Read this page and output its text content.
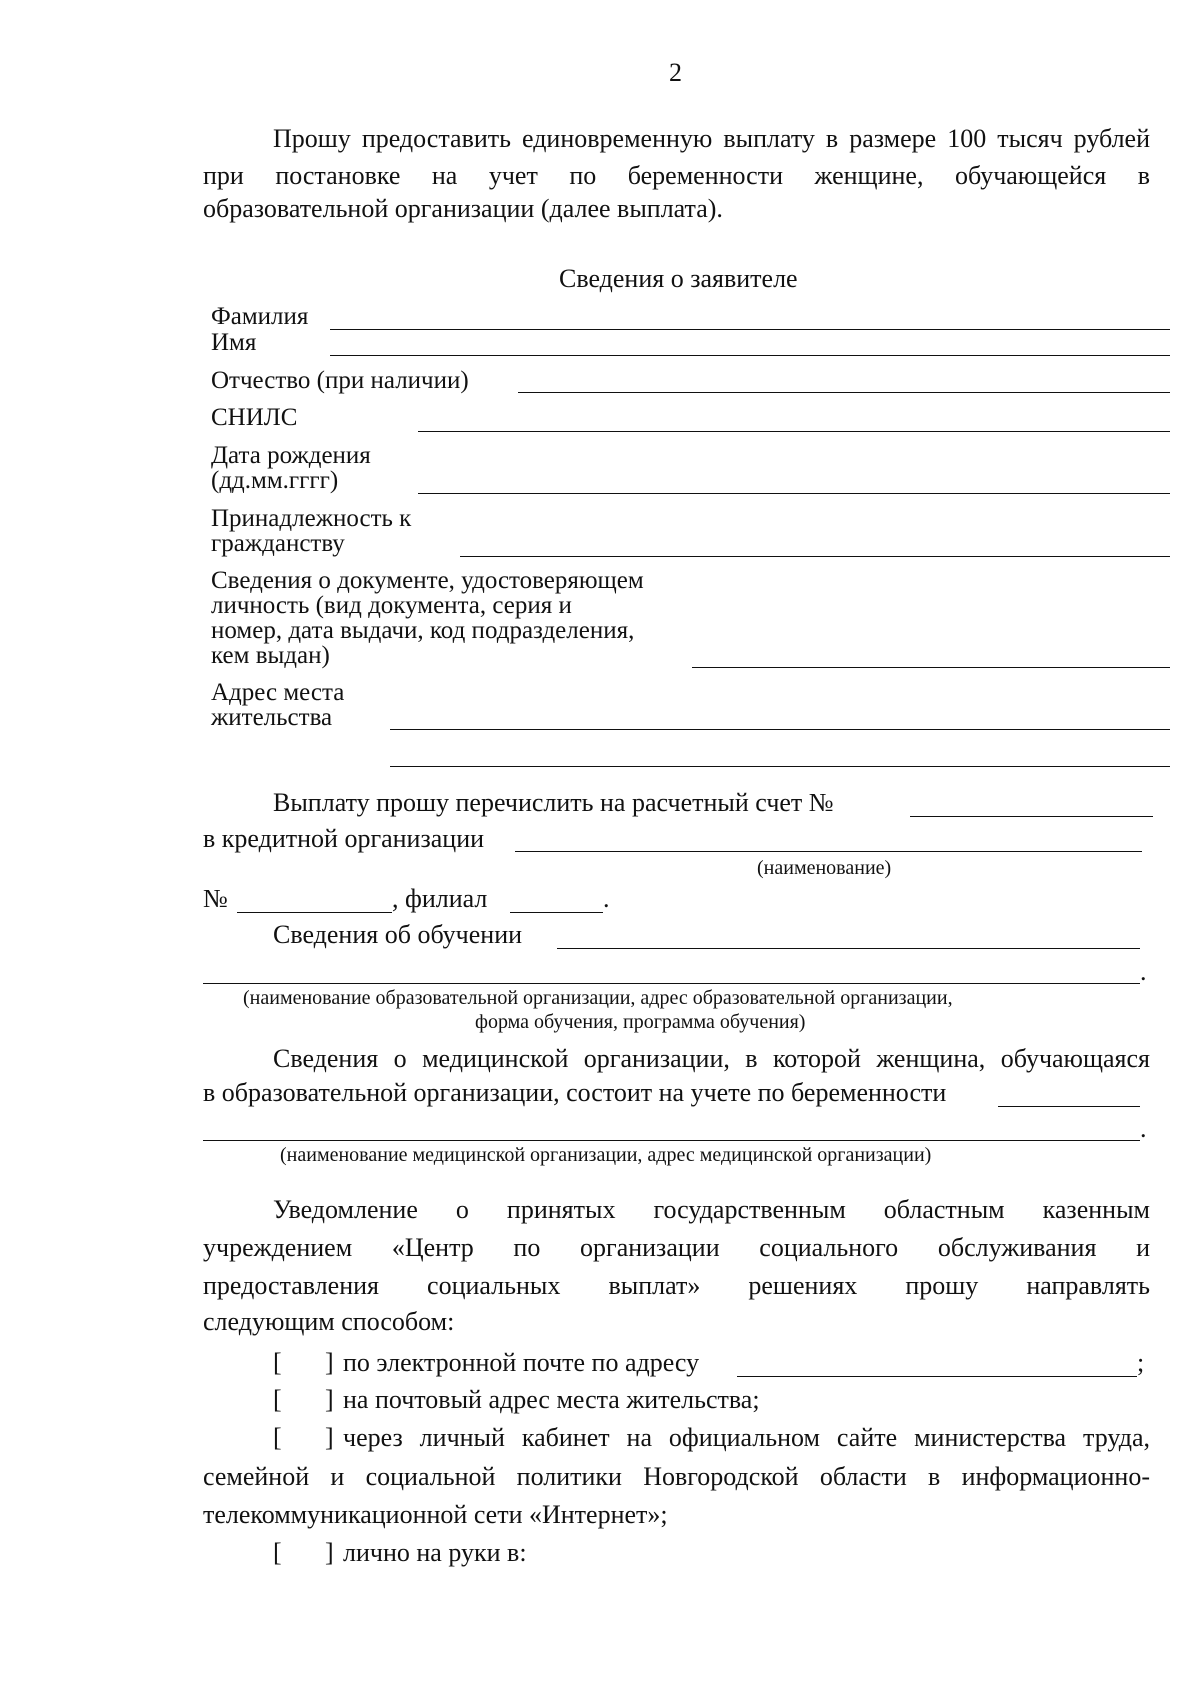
2
Прошу предоставить единовременную выплату в размере 100 тысяч рублей
при постановке на учет по беременности женщине, обучающейся в
образовательной организации (далее выплата).
Сведения о заявителе
Фамилия
Имя
Отчество (при наличии)
СНИЛС
Дата рождения
(дд.мм.гггг)
Принадлежность к
гражданству
Сведения о документе, удостоверяющем
личность (вид документа, серия и
номер, дата выдачи, код подразделения,
кем выдан)
Адрес места
жительства
Выплату прошу перечислить на расчетный счет №
в кредитной организации
(наименование)
№	, филиал	.
Сведения об обучении
.
(наименование образовательной организации, адрес образовательной организации,
форма обучения, программа обучения)
Сведения о медицинской организации, в которой женщина, обучающаяся
в образовательной организации, состоит на учете по беременности
.
(наименование медицинской организации, адрес медицинской организации)
Уведомление о принятых государственным областным казенным
учреждением «Центр по организации социального обслуживания и
предоставления социальных выплат» решениях прошу направлять
следующим способом:
[ ] по электронной почте по адресу	;
[ ] на почтовый адрес места жительства;
[ ] через личный кабинет на официальном сайте министерства труда,
семейной и социальной политики Новгородской области в информационно-
телекоммуникационной сети «Интернет»;
[ ] лично на руки в:
